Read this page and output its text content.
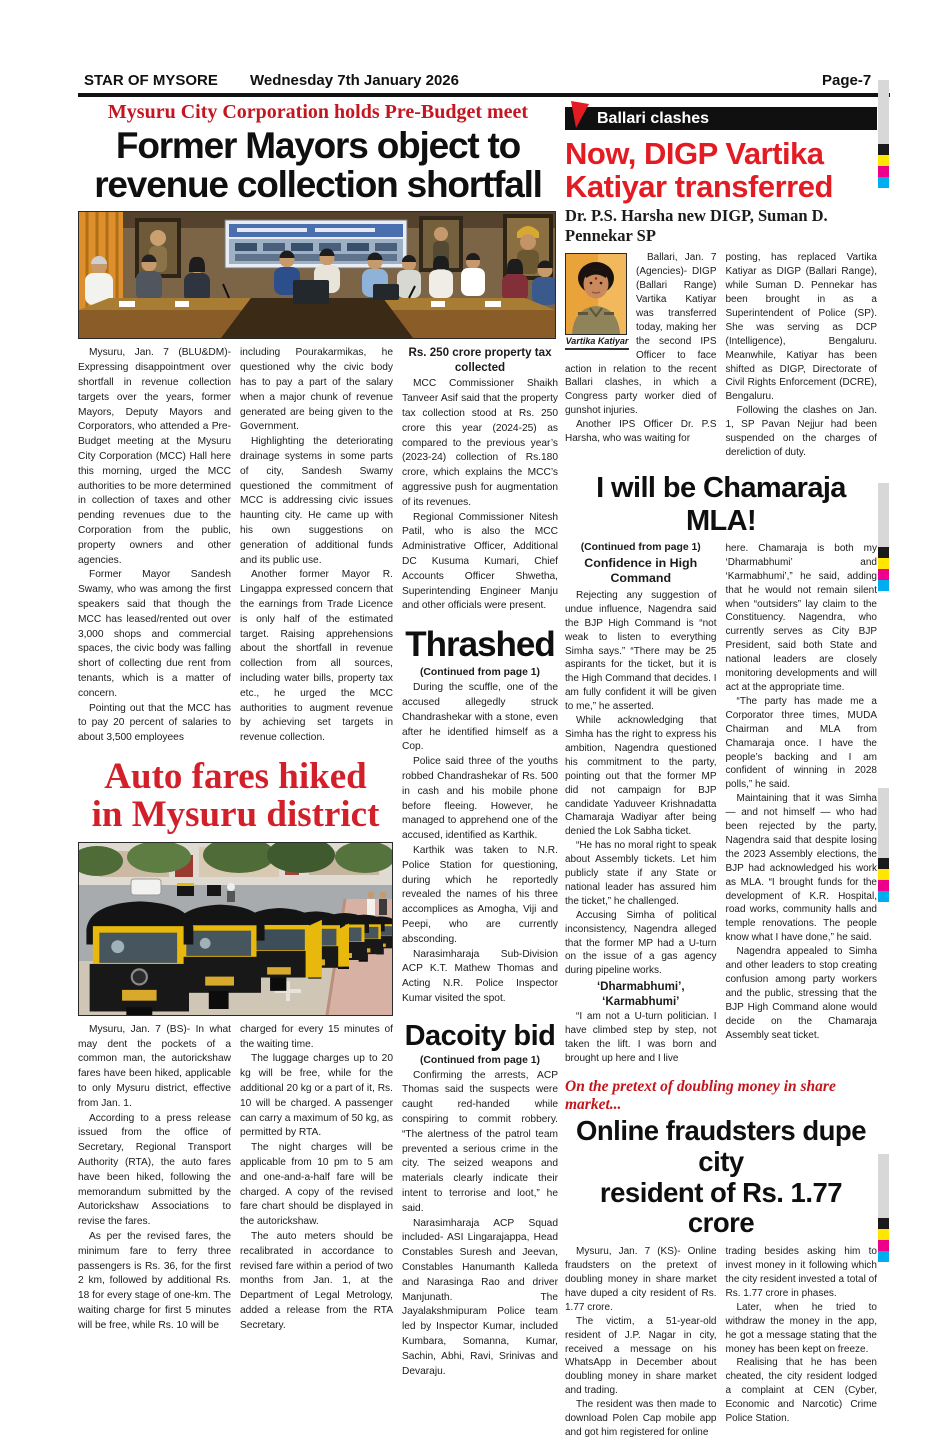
STAR OF MYSORE Wednesday 7th January 2026	Page-7
Mysuru City Corporation holds Pre-Budget meet
Former Mayors object to
revenue collection shortfall

Mysuru, Jan. 7 (BLU&DM)- Expressing disappointment over shortfall in revenue collection targets over the years, former Mayors, Deputy Mayors and Corporators, who attended a Pre-Budget meeting at the Mysuru City Corporation (MCC) Hall here this morning, urged the MCC authorities to be more determined in collection of taxes and other pending revenues due to the Corporation from the public, property owners and other agencies.

Former Mayor Sandesh Swamy, who was among the first speakers said that though the MCC has leased/rented out over 3,000 shops and commercial spaces, the civic body was falling short of collecting due rent from tenants, which is a matter of concern.

Pointing out that the MCC has to pay 20 percent of salaries to about 3,500 employees

including Pourakarmikas, he questioned why the civic body has to pay a part of the salary when a major chunk of revenue generated are being given to the Government.

Highlighting the deteriorating drainage systems in some parts of city, Sandesh Swamy questioned the commitment of MCC is addressing civic issues haunting city. He came up with his own suggestions on generation of additional funds and its public use.

Another former Mayor R. Lingappa expressed concern that the earnings from Trade Licence is only half of the estimated target. Raising apprehensions about the shortfall in revenue collection from all sources, including water bills, property tax etc., he urged the MCC authorities to augment revenue by achieving set targets in revenue collection.

Auto fares hiked
in Mysuru district

Mysuru, Jan. 7 (BS)- In what may dent the pockets of a common man, the autorickshaw fares have been hiked, applicable to only Mysuru district, effective from Jan. 1.

According to a press release issued from the office of Secretary, Regional Transport Authority (RTA), the auto fares have been hiked, following the memorandum submitted by the Autorickshaw Associations to revise the fares.

As per the revised fares, the minimum fare to ferry three passengers is Rs. 36, for the first 2 km, followed by additional Rs. 18 for every stage of one-km. The waiting charge for first 5 minutes will be free, while Rs. 10 will be

charged for every 15 minutes of the waiting time.

The luggage charges up to 20 kg will be free, while for the additional 20 kg or a part of it, Rs. 10 will be charged. A passenger can carry a maximum of 50 kg, as permitted by RTA.

The night charges will be applicable from 10 pm to 5 am and one-and-a-half fare will be charged. A copy of the revised fare chart should be displayed in the autorickshaw.

The auto meters should be recalibrated in accordance to revised fare within a period of two months from Jan. 1, at the Department of Legal Metrology, added a release from the RTA Secretary.

Rs. 250 crore property tax collected

MCC Commissioner Shaikh Tanveer Asif said that the property tax collection stood at Rs. 250 crore this year (2024-25) as compared to the previous year’s (2023-24) collection of Rs.180 crore, which explains the MCC’s aggressive push for augmentation of its revenues.

Regional Commissioner Nitesh Patil, who is also the MCC Administrative Officer, Additional DC Kusuma Kumari, Chief Accounts Officer Shwetha, Superintending Engineer Manju and other officials were present.

Thrashed
(Continued from page 1)

During the scuffle, one of the accused allegedly struck Chandrashekar with a stone, even after he identified himself as a Cop.

Police said three of the youths robbed Chandrashekar of Rs. 500 in cash and his mobile phone before fleeing. However, he managed to apprehend one of the accused, identified as Karthik.

Karthik was taken to N.R. Police Station for questioning, during which he reportedly revealed the names of his three accomplices as Amogha, Viji and Peepi, who are currently absconding.

Narasimharaja Sub-Division ACP K.T. Mathew Thomas and Acting N.R. Police Inspector Kumar visited the spot.

Dacoity bid
(Continued from page 1)

Confirming the arrests, ACP Thomas said the suspects were caught red-handed while conspiring to commit robbery. “The alertness of the patrol team prevented a serious crime in the city. The seized weapons and materials clearly indicate their intent to terrorise and loot,” he said.

Narasimharaja ACP Squad included- ASI Lingarajappa, Head Constables Suresh and Jeevan, Constables Hanumanth Kalleda and Narasinga Rao and driver Manjunath. The Jayalakshmipuram Police team led by Inspector Kumar, included Kumbara, Somanna, Kumar, Sachin, Abhi, Ravi, Srinivas and Devaraju.

Ballari clashes
Now, DIGP Vartika
Katiyar transferred
Dr. P.S. Harsha new DIGP, Suman D. Pennekar SP
Vartika Katiyar

Ballari, Jan. 7 (Agencies)- DIGP (Ballari Range) Vartika Katiyar was transferred today, making her the second IPS Officer to face action in relation to the recent Ballari clashes, in which a Congress party worker died of gunshot injuries.

Another IPS Officer Dr. P.S Harsha, who was waiting for

posting, has replaced Vartika Katiyar as DIGP (Ballari Range), while Suman D. Pennekar has been brought in as a Superintendent of Police (SP). She was serving as DCP (Intelligence), Bengaluru. Meanwhile, Katiyar has been shifted as DIGP, Directorate of Civil Rights Enforcement (DCRE), Bengaluru.

Following the clashes on Jan. 1, SP Pavan Nejjur had been suspended on the charges of dereliction of duty.

I will be Chamaraja MLA!
(Continued from page 1)
Confidence in High Command

Rejecting any suggestion of undue influence, Nagendra said the BJP High Command is “not weak to listen to everything Simha says.” “There may be 25 aspirants for the ticket, but it is the High Command that decides. I am fully confident it will be given to me,” he asserted.

While acknowledging that Simha has the right to express his ambition, Nagendra questioned his commitment to the party, pointing out that the former MP did not campaign for BJP candidate Yaduveer Krishnadatta Chamaraja Wadiyar after being denied the Lok Sabha ticket.

“He has no moral right to speak about Assembly tickets. Let him publicly state if any State or national leader has assured him the ticket,” he challenged.

Accusing Simha of political inconsistency, Nagendra alleged that the former MP had a U-turn on the issue of a gas agency during pipeline works.

‘Dharmabhumi’, ‘Karmabhumi’

“I am not a U-turn politician. I have climbed step by step, not taken the lift. I was born and brought up here and I live

here. Chamaraja is both my ‘Dharmabhumi’ and ‘Karmabhumi’,” he said, adding that he would not remain silent when “outsiders” lay claim to the Constituency. Nagendra, who currently serves as City BJP President, said both State and national leaders are closely monitoring developments and will act at the appropriate time.

“The party has made me a Corporator three times, MUDA Chairman and MLA from Chamaraja once. I have the people’s backing and I am confident of winning in 2028 polls,” he said.

Maintaining that it was Simha — and not himself — who had been rejected by the party, Nagendra said that despite losing the 2023 Assembly elections, the BJP had acknowledged his work as MLA. “I brought funds for the development of K.R. Hospital, road works, community halls and temple renovations. The people know what I have done,” he said.

Nagendra appealed to Simha and other leaders to stop creating confusion among party workers and the public, stressing that the BJP High Command alone would decide on the Chamaraja Assembly seat ticket.

On the pretext of doubling money in share market...
Online fraudsters dupe city
resident of Rs. 1.77 crore

Mysuru, Jan. 7 (KS)- Online fraudsters on the pretext of doubling money in share market have duped a city resident of Rs. 1.77 crore.

The victim, a 51-year-old resident of J.P. Nagar in city, received a message on his WhatsApp in December about doubling money in share market and trading.

The resident was then made to download Polen Cap mobile app and got him registered for online

trading besides asking him to invest money in it following which the city resident invested a total of Rs. 1.77 crore in phases.

Later, when he tried to withdraw the money in the app, he got a message stating that the money has been kept on freeze.

Realising that he has been cheated, the city resident lodged a complaint at CEN (Cyber, Economic and Narcotic) Crime Police Station.
